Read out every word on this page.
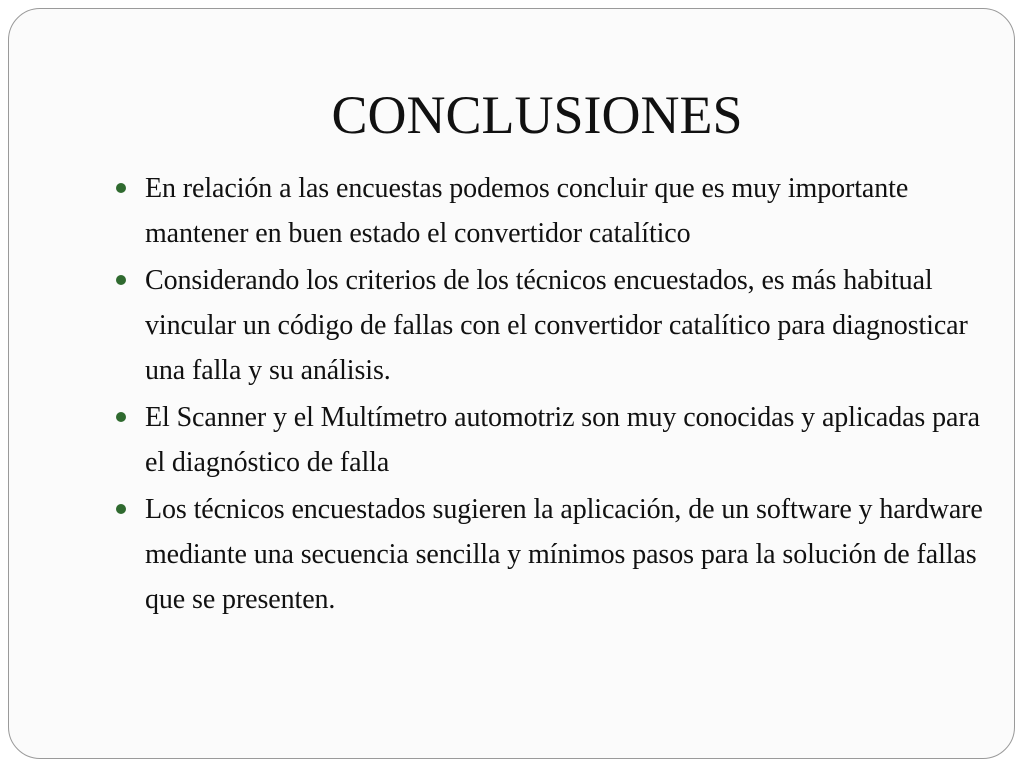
CONCLUSIONES
En relación a las encuestas podemos concluir que es muy importante mantener en buen estado el convertidor catalítico
Considerando los criterios de los técnicos encuestados, es más habitual vincular un código de fallas con el convertidor catalítico para diagnosticar una falla y su análisis.
El Scanner y el Multímetro automotriz son muy conocidas y aplicadas para el diagnóstico de falla
Los técnicos encuestados sugieren la aplicación, de un software y hardware mediante una secuencia sencilla y mínimos pasos para la solución de fallas que se presenten.
